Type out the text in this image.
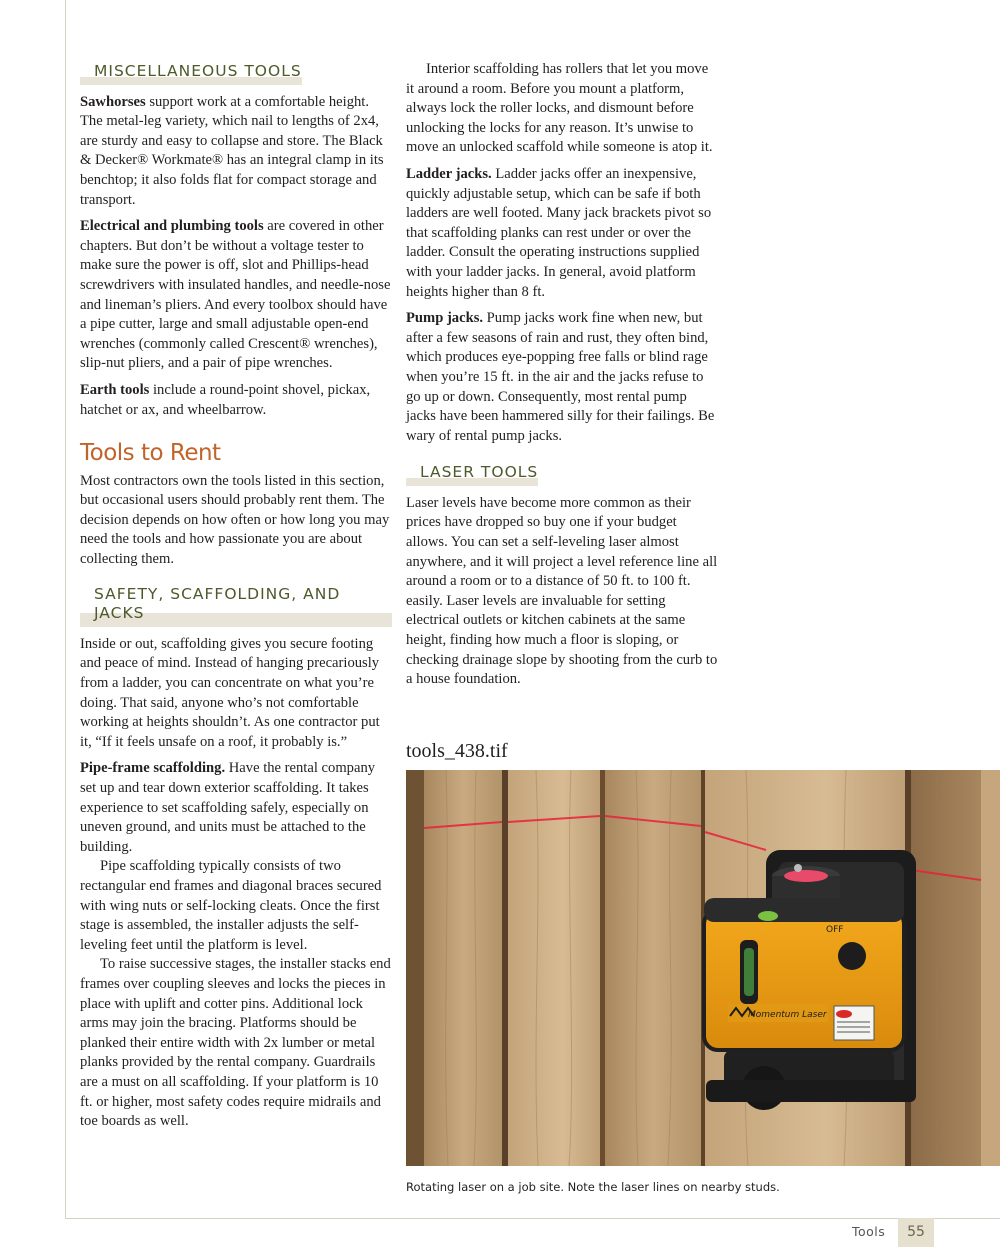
MISCELLANEOUS TOOLS

Sawhorses support work at a comfortable height. The metal-leg variety, which nail to lengths of 2x4, are sturdy and easy to collapse and store. The Black & Decker® Workmate® has an integral clamp in its benchtop; it also folds flat for compact storage and transport.

Electrical and plumbing tools are covered in other chapters. But don’t be without a voltage tester to make sure the power is off, slot and Phillips-head screwdrivers with insulated handles, and needle-nose and lineman’s pliers. And every toolbox should have a pipe cutter, large and small adjustable open-end wrenches (commonly called Crescent® wrenches), slip-nut pliers, and a pair of pipe wrenches.

Earth tools include a round-point shovel, pickax, hatchet or ax, and wheelbarrow.

Tools to Rent

Most contractors own the tools listed in this section, but occasional users should probably rent them. The decision depends on how often or how long you may need the tools and how passionate you are about collecting them.

SAFETY, SCAFFOLDING, AND JACKS

Inside or out, scaffolding gives you secure footing and peace of mind. Instead of hanging precariously from a ladder, you can concentrate on what you’re doing. That said, anyone who’s not comfortable working at heights shouldn’t. As one contractor put it, “If it feels unsafe on a roof, it probably is.”

Pipe-frame scaffolding. Have the rental company set up and tear down exterior scaffolding. It takes experience to set scaffolding safely, especially on uneven ground, and units must be attached to the building.

Pipe scaffolding typically consists of two rectangular end frames and diagonal braces secured with wing nuts or self-locking cleats. Once the first stage is assembled, the installer adjusts the self-leveling feet until the platform is level.

To raise successive stages, the installer stacks end frames over coupling sleeves and locks the pieces in place with uplift and cotter pins. Additional lock arms may join the bracing. Platforms should be planked their entire width with 2x lumber or metal planks provided by the rental company. Guardrails are a must on all scaffolding. If your platform is 10 ft. or higher, most safety codes require midrails and toe boards as well.

Interior scaffolding has rollers that let you move it around a room. Before you mount a platform, always lock the roller locks, and dismount before unlocking the locks for any reason. It’s unwise to move an unlocked scaffold while someone is atop it.

Ladder jacks. Ladder jacks offer an inexpensive, quickly adjustable setup, which can be safe if both ladders are well footed. Many jack brackets pivot so that scaffolding planks can rest under or over the ladder. Consult the operating instructions supplied with your ladder jacks. In general, avoid platform heights higher than 8 ft.

Pump jacks. Pump jacks work fine when new, but after a few seasons of rain and rust, they often bind, which produces eye-popping free falls or blind rage when you’re 15 ft. in the air and the jacks refuse to go up or down. Consequently, most rental pump jacks have been hammered silly for their failings. Be wary of rental pump jacks.

LASER TOOLS

Laser levels have become more common as their prices have dropped so buy one if your budget allows. You can set a self-leveling laser almost anywhere, and it will project a level reference line all around a room or to a distance of 50 ft. to 100 ft. easily. Laser levels are invaluable for setting electrical outlets or kitchen cabinets at the same height, finding how much a floor is sloping, or checking drainage slope by shooting from the curb to a house foundation.

tools_438.tif
OFF
Momentum Laser
Rotating laser on a job site. Note the laser lines on nearby studs.
Tools	55
